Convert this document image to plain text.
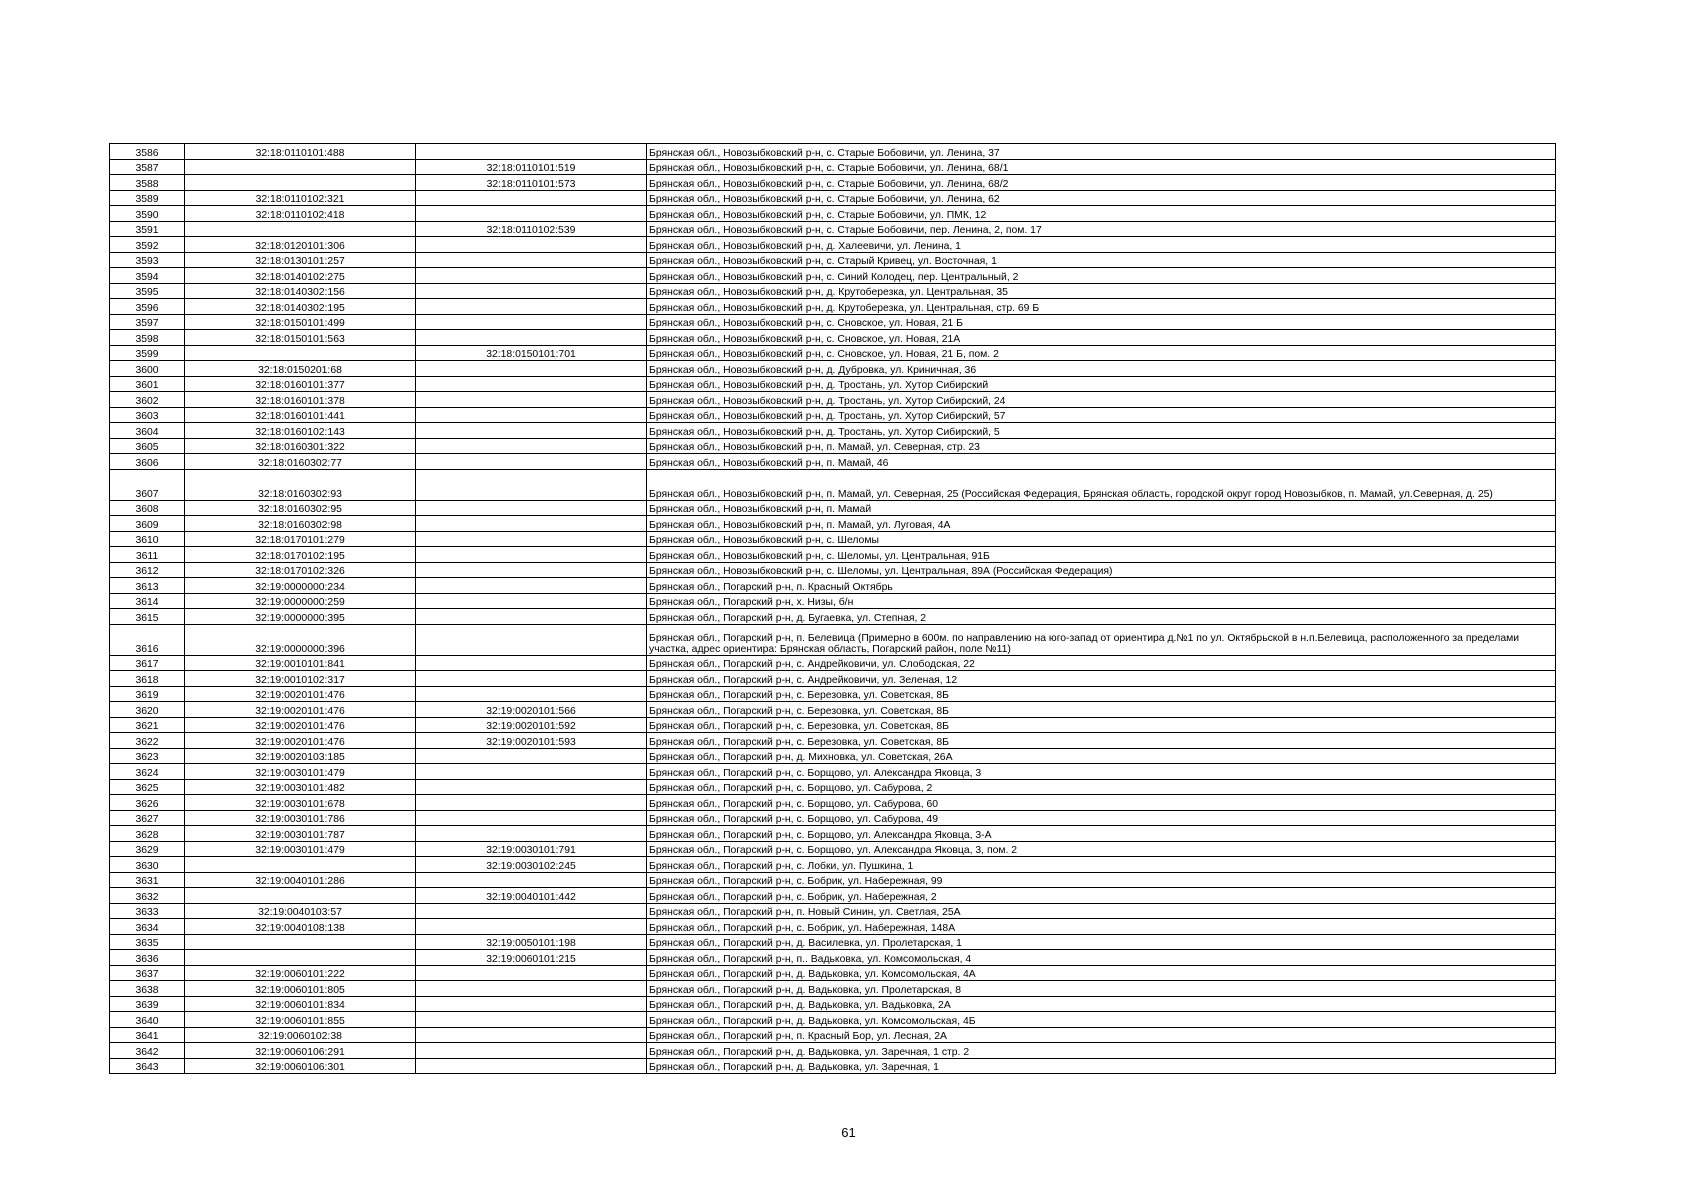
3586	32:18:0110101:488		Брянская обл., Новозыбковский р-н, с. Старые Бобовичи, ул. Ленина, 37
3587		32:18:0110101:519	Брянская обл., Новозыбковский р-н, с. Старые Бобовичи, ул. Ленина, 68/1
3588		32:18:0110101:573	Брянская обл., Новозыбковский р-н, с. Старые Бобовичи, ул. Ленина, 68/2
3589	32:18:0110102:321		Брянская обл., Новозыбковский р-н, с. Старые Бобовичи, ул. Ленина, 62
3590	32:18:0110102:418		Брянская обл., Новозыбковский р-н, с. Старые Бобовичи, ул. ПМК, 12
3591		32:18:0110102:539	Брянская обл., Новозыбковский р-н, с. Старые Бобовичи, пер. Ленина, 2, пом. 17
3592	32:18:0120101:306		Брянская обл., Новозыбковский р-н, д. Халеевичи, ул. Ленина, 1
3593	32:18:0130101:257		Брянская обл., Новозыбковский р-н, с. Старый Кривец, ул. Восточная, 1
3594	32:18:0140102:275		Брянская обл., Новозыбковский р-н, с. Синий Колодец, пер. Центральный, 2
3595	32:18:0140302:156		Брянская обл., Новозыбковский р-н, д. Крутоберезка, ул. Центральная, 35
3596	32:18:0140302:195		Брянская обл., Новозыбковский р-н, д. Крутоберезка, ул. Центральная, стр. 69 Б
3597	32:18:0150101:499		Брянская обл., Новозыбковский р-н, с. Сновское, ул. Новая, 21 Б
3598	32:18:0150101:563		Брянская обл., Новозыбковский р-н, с. Сновское, ул. Новая, 21А
3599		32:18:0150101:701	Брянская обл., Новозыбковский р-н, с. Сновское, ул. Новая, 21 Б, пом. 2
3600	32:18:0150201:68		Брянская обл., Новозыбковский р-н, д. Дубровка, ул. Криничная, 36
3601	32:18:0160101:377		Брянская обл., Новозыбковский р-н, д. Тростань, ул. Хутор Сибирский
3602	32:18:0160101:378		Брянская обл., Новозыбковский р-н, д. Тростань, ул. Хутор Сибирский, 24
3603	32:18:0160101:441		Брянская обл., Новозыбковский р-н, д. Тростань, ул. Хутор Сибирский, 57
3604	32:18:0160102:143		Брянская обл., Новозыбковский р-н, д. Тростань, ул. Хутор Сибирский, 5
3605	32:18:0160301:322		Брянская обл., Новозыбковский р-н, п. Мамай, ул. Северная, стр. 23
3606	32:18:0160302:77		Брянская обл., Новозыбковский р-н, п. Мамай, 46
3607	32:18:0160302:93		Брянская обл., Новозыбковский р-н, п. Мамай, ул. Северная, 25 (Российская Федерация, Брянская область, городской округ город Новозыбков, п. Мамай, ул.Северная, д. 25)
3608	32:18:0160302:95		Брянская обл., Новозыбковский р-н, п. Мамай
3609	32:18:0160302:98		Брянская обл., Новозыбковский р-н, п. Мамай, ул. Луговая, 4А
3610	32:18:0170101:279		Брянская обл., Новозыбковский р-н, с. Шеломы
3611	32:18:0170102:195		Брянская обл., Новозыбковский р-н, с. Шеломы, ул. Центральная, 91Б
3612	32:18:0170102:326		Брянская обл., Новозыбковский р-н, с. Шеломы, ул. Центральная, 89А (Российская Федерация)
3613	32:19:0000000:234		Брянская обл., Погарский р-н, п. Красный Октябрь
3614	32:19:0000000:259		Брянская обл., Погарский р-н, х. Низы, б/н
3615	32:19:0000000:395		Брянская обл., Погарский р-н, д. Бугаевка, ул. Степная, 2
3616	32:19:0000000:396		Брянская обл., Погарский р-н, п. Белевица (Примерно в 600м. по направлению на юго-запад от ориентира д.№1 по ул. Октябрьской в н.п.Белевица, расположенного за пределами участка, адрес ориентира: Брянская область, Погарский район, поле №11)
3617	32:19:0010101:841		Брянская обл., Погарский р-н, с. Андрейковичи, ул. Слободская, 22
3618	32:19:0010102:317		Брянская обл., Погарский р-н, с. Андрейковичи, ул. Зеленая, 12
3619	32:19:0020101:476		Брянская обл., Погарский р-н, с. Березовка, ул. Советская, 8Б
3620	32:19:0020101:476	32:19:0020101:566	Брянская обл., Погарский р-н, с. Березовка, ул. Советская, 8Б
3621	32:19:0020101:476	32:19:0020101:592	Брянская обл., Погарский р-н, с. Березовка, ул. Советская, 8Б
3622	32:19:0020101:476	32:19:0020101:593	Брянская обл., Погарский р-н, с. Березовка, ул. Советская, 8Б
3623	32:19:0020103:185		Брянская обл., Погарский р-н, д. Михновка, ул. Советская, 26А
3624	32:19:0030101:479		Брянская обл., Погарский р-н, с. Борщово, ул. Александра Яковца, 3
3625	32:19:0030101:482		Брянская обл., Погарский р-н, с. Борщово, ул. Сабурова, 2
3626	32:19:0030101:678		Брянская обл., Погарский р-н, с. Борщово, ул. Сабурова, 60
3627	32:19:0030101:786		Брянская обл., Погарский р-н, с. Борщово, ул. Сабурова, 49
3628	32:19:0030101:787		Брянская обл., Погарский р-н, с. Борщово, ул. Александра Яковца, 3-А
3629	32:19:0030101:479	32:19:0030101:791	Брянская обл., Погарский р-н, с. Борщово, ул. Александра Яковца, 3, пом. 2
3630		32:19:0030102:245	Брянская обл., Погарский р-н, с. Лобки, ул. Пушкина, 1
3631	32:19:0040101:286		Брянская обл., Погарский р-н, с. Бобрик, ул. Набережная, 99
3632		32:19:0040101:442	Брянская обл., Погарский р-н, с. Бобрик, ул. Набережная, 2
3633	32:19:0040103:57		Брянская обл., Погарский р-н, п. Новый Синин, ул. Светлая, 25А
3634	32:19:0040108:138		Брянская обл., Погарский р-н, с. Бобрик, ул. Набережная, 148А
3635		32:19:0050101:198	Брянская обл., Погарский р-н, д. Василевка, ул. Пролетарская, 1
3636		32:19:0060101:215	Брянская обл., Погарский р-н, п.. Вадьковка, ул. Комсомольская, 4
3637	32:19:0060101:222		Брянская обл., Погарский р-н, д. Вадьковка, ул. Комсомольская, 4А
3638	32:19:0060101:805		Брянская обл., Погарский р-н, д. Вадьковка, ул. Пролетарская, 8
3639	32:19:0060101:834		Брянская обл., Погарский р-н, д. Вадьковка, ул. Вадьковка, 2А
3640	32:19:0060101:855		Брянская обл., Погарский р-н, д. Вадьковка, ул. Комсомольская, 4Б
3641	32:19:0060102:38		Брянская обл., Погарский р-н, п. Красный Бор, ул. Лесная, 2А
3642	32:19:0060106:291		Брянская обл., Погарский р-н, д. Вадьковка, ул. Заречная, 1 стр. 2
3643	32:19:0060106:301		Брянская обл., Погарский р-н, д. Вадьковка, ул. Заречная, 1
61
